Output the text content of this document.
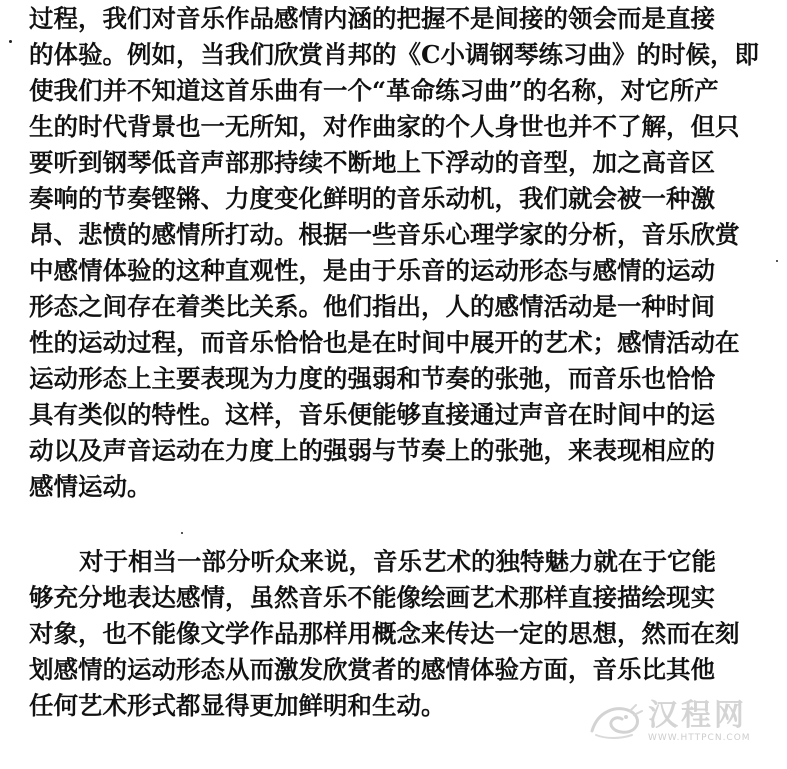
过程，我们对音乐作品感情内涵的把握不是间接的领会而是直接
的体验。例如，当我们欣赏肖邦的《C小调钢琴练习曲》的时候，即
使我们并不知道这首乐曲有一个“革命练习曲”的名称，对它所产
生的时代背景也一无所知，对作曲家的个人身世也并不了解，但只
要听到钢琴低音声部那持续不断地上下浮动的音型，加之高音区
奏响的节奏铿锵、力度变化鲜明的音乐动机，我们就会被一种激
昂、悲愤的感情所打动。根据一些音乐心理学家的分析，音乐欣赏
中感情体验的这种直观性，是由于乐音的运动形态与感情的运动
形态之间存在着类比关系。他们指出，人的感情活动是一种时间
性的运动过程，而音乐恰恰也是在时间中展开的艺术；感情活动在
运动形态上主要表现为力度的强弱和节奏的张弛，而音乐也恰恰
具有类似的特性。这样，音乐便能够直接通过声音在时间中的运
动以及声音运动在力度上的强弱与节奏上的张弛，来表现相应的
感情运动。
对于相当一部分听众来说，音乐艺术的独特魅力就在于它能
够充分地表达感情，虽然音乐不能像绘画艺术那样直接描绘现实
对象，也不能像文学作品那样用概念来传达一定的思想，然而在刻
划感情的运动形态从而激发欣赏者的感情体验方面，音乐比其他
任何艺术形式都显得更加鲜明和生动。	汉程网
WWW.HTTPCN.COM
